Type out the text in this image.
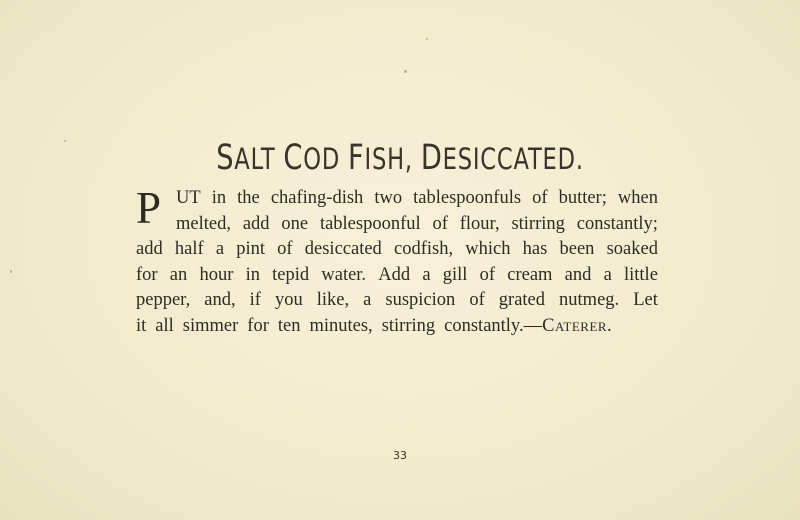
SALT COD FISH, DESICCATED.
P UT in the chafing-dish two tablespoonfuls of butter; when
melted, add one tablespoonful of flour, stirring constantly;
add half a pint of desiccated codfish, which has been soaked
for an hour in tepid water. Add a gill of cream and a little
pepper, and, if you like, a suspicion of grated nutmeg. Let
it all simmer for ten minutes, stirring constantly.— Caterer.
33
